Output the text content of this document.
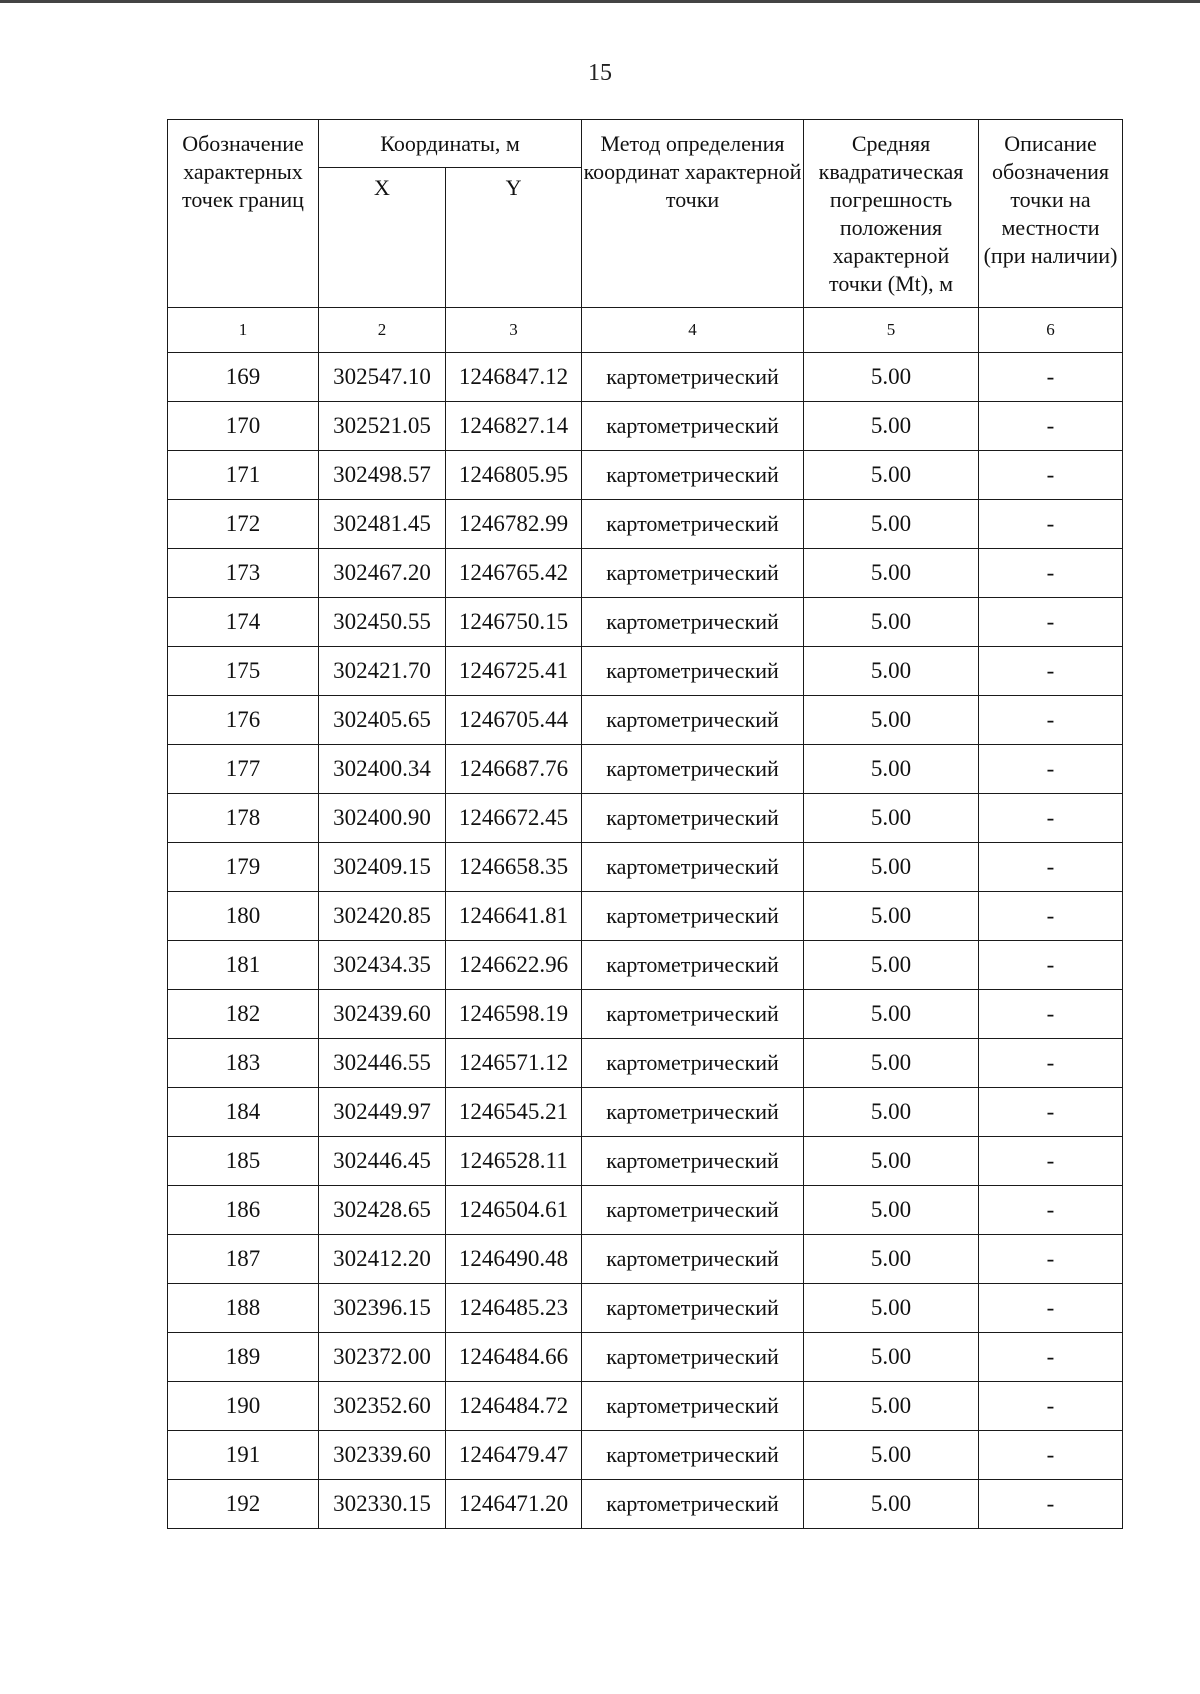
15
Обозначение характерных точек границ	Координаты, м		Метод определения координат характерной точки	Средняя квадратическая погрешность положения характерной точки (Mt), м	Описание обозначения точки на местности (при наличии)
	X	Y			
1	2	3	4	5	6
169	302547.10	1246847.12	картометрический	5.00	-
170	302521.05	1246827.14	картометрический	5.00	-
171	302498.57	1246805.95	картометрический	5.00	-
172	302481.45	1246782.99	картометрический	5.00	-
173	302467.20	1246765.42	картометрический	5.00	-
174	302450.55	1246750.15	картометрический	5.00	-
175	302421.70	1246725.41	картометрический	5.00	-
176	302405.65	1246705.44	картометрический	5.00	-
177	302400.34	1246687.76	картометрический	5.00	-
178	302400.90	1246672.45	картометрический	5.00	-
179	302409.15	1246658.35	картометрический	5.00	-
180	302420.85	1246641.81	картометрический	5.00	-
181	302434.35	1246622.96	картометрический	5.00	-
182	302439.60	1246598.19	картометрический	5.00	-
183	302446.55	1246571.12	картометрический	5.00	-
184	302449.97	1246545.21	картометрический	5.00	-
185	302446.45	1246528.11	картометрический	5.00	-
186	302428.65	1246504.61	картометрический	5.00	-
187	302412.20	1246490.48	картометрический	5.00	-
188	302396.15	1246485.23	картометрический	5.00	-
189	302372.00	1246484.66	картометрический	5.00	-
190	302352.60	1246484.72	картометрический	5.00	-
191	302339.60	1246479.47	картометрический	5.00	-
192	302330.15	1246471.20	картометрический	5.00	-
